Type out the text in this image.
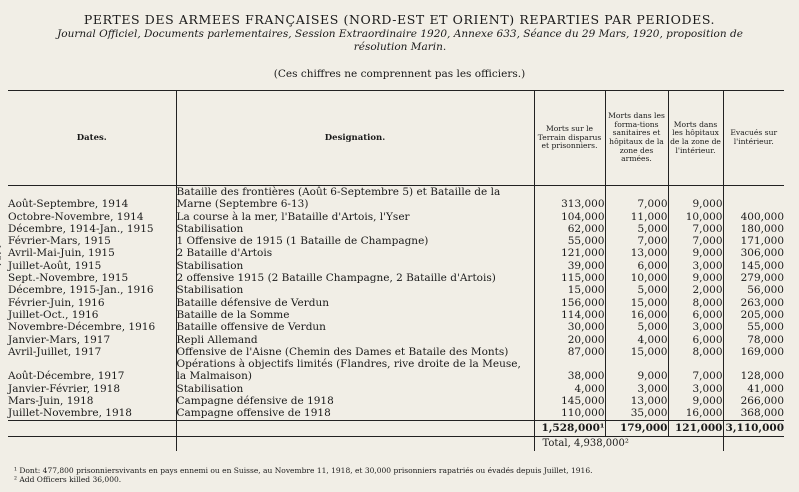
PERTES DES ARMEES FRANÇAISES (NORD-EST ET ORIENT) REPARTIES PAR PERIODES.
Journal Officiel, Documents parlementaires, Session Extraordinaire 1920, Annexe 633, Séance du 29 Mars, 1920, proposition de
résolution Marin.
(Ces chiffres ne comprennent pas les officiers.)
Dates.	Designation.	Morts sur le Terrain disparus et prisonniers.	Morts dans les forma-tions sanitaires et hôpitaux de la zone des armées.	Morts dans les hôpitaux de la zone de l'intérieur.	Evacués sur l'intérieur.
Août-Septembre, 1914	Bataille des frontières (Août 6-Septembre 5) et Bataille de la Marne (Septembre 6-13)	313,000	7,000	9,000	
Octobre-Novembre, 1914	La course à la mer, l'Bataille d'Artois, l'Yser	104,000	11,000	10,000	400,000
Décembre, 1914-Jan., 1915	Stabilisation	62,000	5,000	7,000	180,000
Février-Mars, 1915	1 Offensive de 1915 (1 Bataille de Champagne)	55,000	7,000	7,000	171,000
Avril-Mai-Juin, 1915	2 Bataille d'Artois	121,000	13,000	9,000	306,000
Juillet-Août, 1915	Stabilisation	39,000	6,000	3,000	145,000
Sept.-Novembre, 1915	2 offensive 1915 (2 Bataille Champagne, 2 Bataille d'Artois)	115,000	10,000	9,000	279,000
Décembre, 1915-Jan., 1916	Stabilisation	15,000	5,000	2,000	56,000
Février-Juin, 1916	Bataille défensive de Verdun	156,000	15,000	8,000	263,000
Juillet-Oct., 1916	Bataille de la Somme	114,000	16,000	6,000	205,000
Novembre-Décembre, 1916	Bataille offensive de Verdun	30,000	5,000	3,000	55,000
Janvier-Mars, 1917	Repli Allemand	20,000	4,000	6,000	78,000
Avril-Juillet, 1917	Offensive de l'Aisne (Chemin des Dames et Bataile des Monts)	87,000	15,000	8,000	169,000
Août-Décembre, 1917	Opérations à objectifs limités (Flandres, rive droite de la Meuse, la Malmaison)	38,000	9,000	7,000	128,000
Janvier-Février, 1918	Stabilisation	4,000	3,000	3,000	41,000
Mars-Juin, 1918	Campagne défensive de 1918	145,000	13,000	9,000	266,000
Juillet-Novembre, 1918	Campagne offensive de 1918	110,000	35,000	16,000	368,000
		1,528,000¹	179,000	121,000	3,110,000
		Total, 4,938,000²			
¹ Dont: 477,800 prisonniersvivants en pays ennemi ou en Suisse, au Novembre 11, 1918, et 30,000 prisonniers rapatriés ou évadés depuis Juillet, 1916.
² Add Officers killed 36,000.
